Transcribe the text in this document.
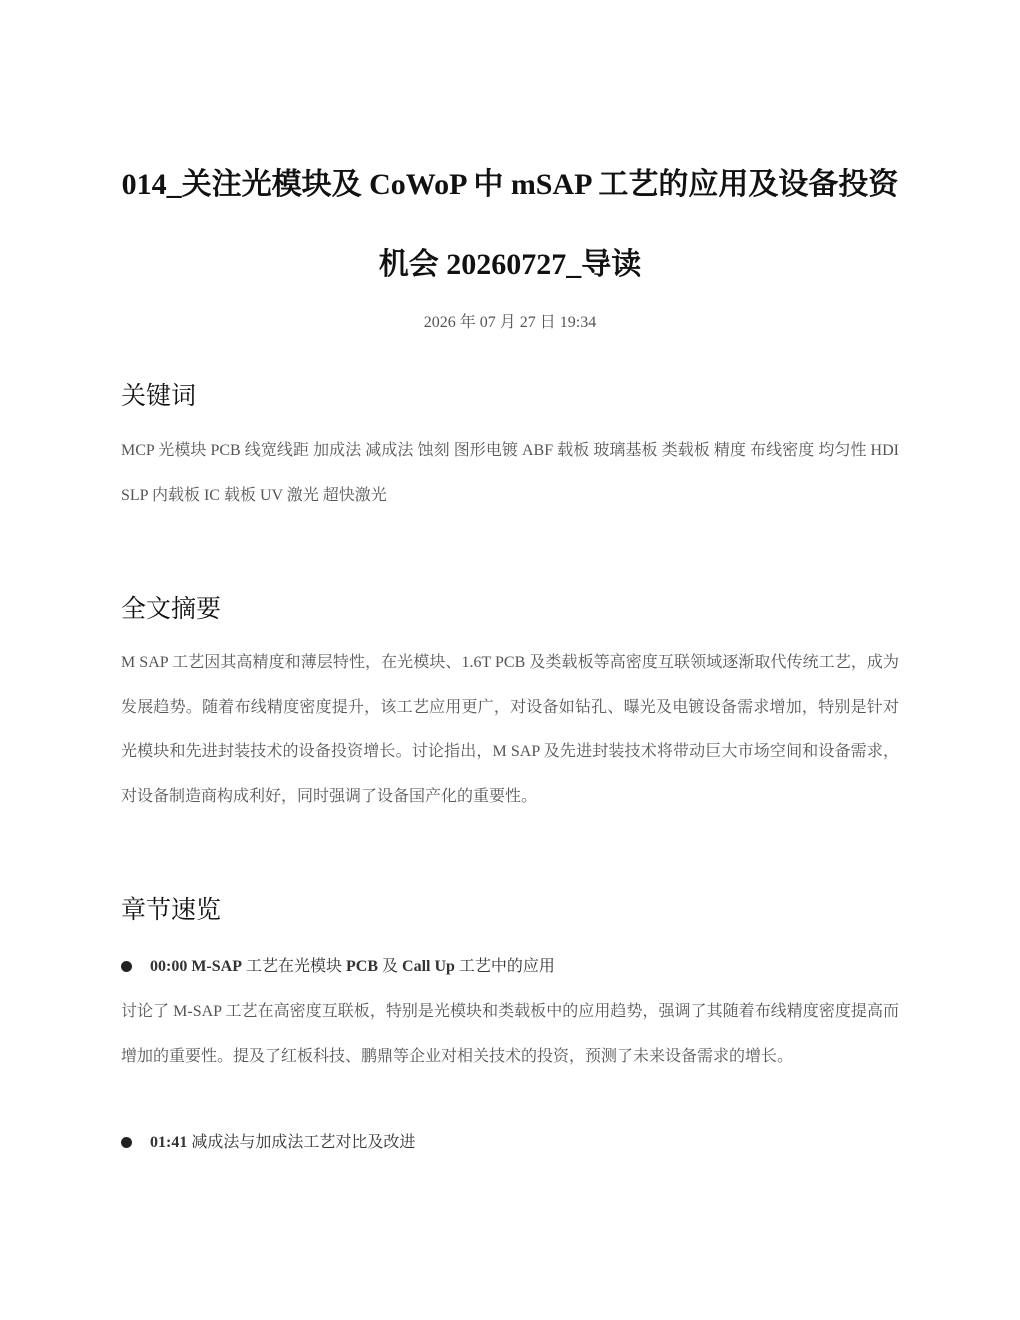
014_关注光模块及 CoWoP 中 mSAP 工艺的应用及设备投资机会 20260727_导读
2026 年 07 月 27 日 19:34
关键词

MCP 光模块 PCB 线宽线距 加成法 减成法 蚀刻 图形电镀 ABF 载板 玻璃基板 类载板 精度 布线密度 均匀性 HDI SLP 内载板 IC 载板 UV 激光 超快激光

全文摘要

M SAP 工艺因其高精度和薄层特性，在光模块、1.6T PCB 及类载板等高密度互联领域逐渐取代传统工艺，成为发展趋势。随着布线精度密度提升，该工艺应用更广，对设备如钻孔、曝光及电镀设备需求增加，特别是针对光模块和先进封装技术的设备投资增长。讨论指出，M SAP 及先进封装技术将带动巨大市场空间和设备需求，对设备制造商构成利好，同时强调了设备国产化的重要性。

章节速览
00:00 M-SAP 工艺在光模块 PCB 及 Call Up 工艺中的应用

讨论了 M-SAP 工艺在高密度互联板，特别是光模块和类载板中的应用趋势，强调了其随着布线精度密度提高而增加的重要性。提及了红板科技、鹏鼎等企业对相关技术的投资，预测了未来设备需求的增长。

01:41 减成法与加成法工艺对比及改进
